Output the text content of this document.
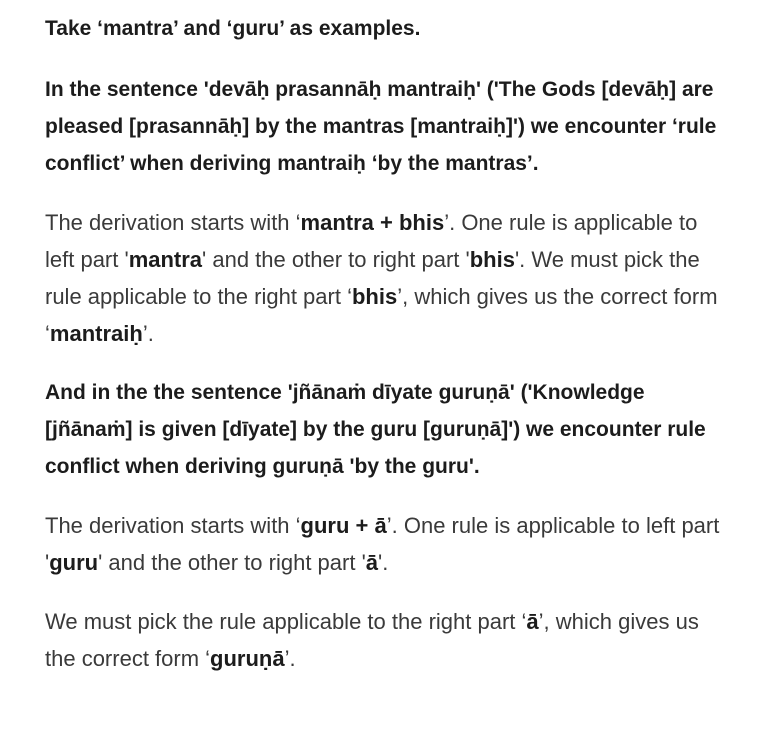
Take ‘mantra’ and ‘guru’ as examples.

In the sentence 'devāḥ prasannāḥ mantraiḥ' ('The Gods [devāḥ] are pleased [prasannāḥ] by the mantras [mantraiḥ]') we encounter ‘rule conflict’ when deriving mantraiḥ ‘by the mantras’.

The derivation starts with ‘mantra + bhis’. One rule is applicable to left part 'mantra' and the other to right part 'bhis'. We must pick the rule applicable to the right part ‘bhis’, which gives us the correct form ‘mantraiḥ’.

And in the the sentence 'jñānaṁ dīyate guruṇā' ('Knowledge [jñānaṁ] is given [dīyate] by the guru [guruṇā]') we encounter rule conflict when deriving guruṇā 'by the guru'.

The derivation starts with ‘guru + ā’. One rule is applicable to left part 'guru' and the other to right part 'ā'.

We must pick the rule applicable to the right part ‘ā’, which gives us the correct form ‘guruṇā’.
